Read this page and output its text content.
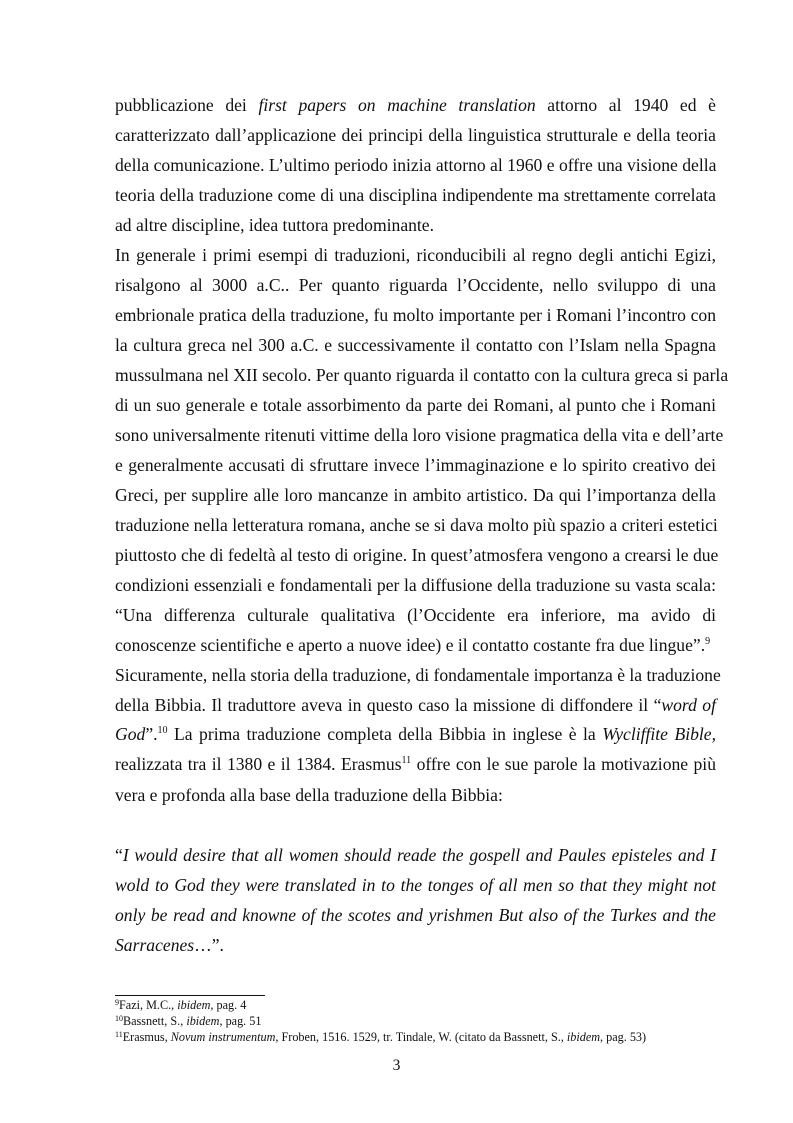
pubblicazione dei first papers on machine translation attorno al 1940 ed è
caratterizzato dall’applicazione dei principi della linguistica strutturale e della teoria
della comunicazione. L’ultimo periodo inizia attorno al 1960 e offre una visione della
teoria della traduzione come di una disciplina indipendente ma strettamente correlata
ad altre discipline, idea tuttora predominante.
In generale i primi esempi di traduzioni, riconducibili al regno degli antichi Egizi,
risalgono al 3000 a.C.. Per quanto riguarda l’Occidente, nello sviluppo di una
embrionale pratica della traduzione, fu molto importante per i Romani l’incontro con
la cultura greca nel 300 a.C. e successivamente il contatto con l’Islam nella Spagna
mussulmana nel XII secolo. Per quanto riguarda il contatto con la cultura greca si parla
di un suo generale e totale assorbimento da parte dei Romani, al punto che i Romani
sono universalmente ritenuti vittime della loro visione pragmatica della vita e dell’arte
e generalmente accusati di sfruttare invece l’immaginazione e lo spirito creativo dei
Greci, per supplire alle loro mancanze in ambito artistico. Da qui l’importanza della
traduzione nella letteratura romana, anche se si dava molto più spazio a criteri estetici
piuttosto che di fedeltà al testo di origine. In quest’atmosfera vengono a crearsi le due
condizioni essenziali e fondamentali per la diffusione della traduzione su vasta scala:
“Una differenza culturale qualitativa (l’Occidente era inferiore, ma avido di
conoscenze scientifiche e aperto a nuove idee) e il contatto costante fra due lingue”.$^9$
Sicuramente, nella storia della traduzione, di fondamentale importanza è la traduzione
della Bibbia. Il traduttore aveva in questo caso la missione di diffondere il “word of
God”.$^{10}$ La prima traduzione completa della Bibbia in inglese è la Wycliffite Bible,
realizzata tra il 1380 e il 1384. Erasmus$^{11}$ offre con le sue parole la motivazione più
vera e profonda alla base della traduzione della Bibbia:
“I would desire that all women should reade the gospell and Paules episteles and I
wold to God they were translated in to the tonges of all men so that they might not
only be read and knowne of the scotes and yrishmen But also of the Turkes and the
Sarracenes…”.
$^9$Fazi, M.C., ibidem, pag. 4
$^{10}$Bassnett, S., ibidem, pag. 51
$^{11}$Erasmus, Novum instrumentum, Froben, 1516. 1529, tr. Tindale, W. (citato da Bassnett, S., ibidem, pag. 53)
3
